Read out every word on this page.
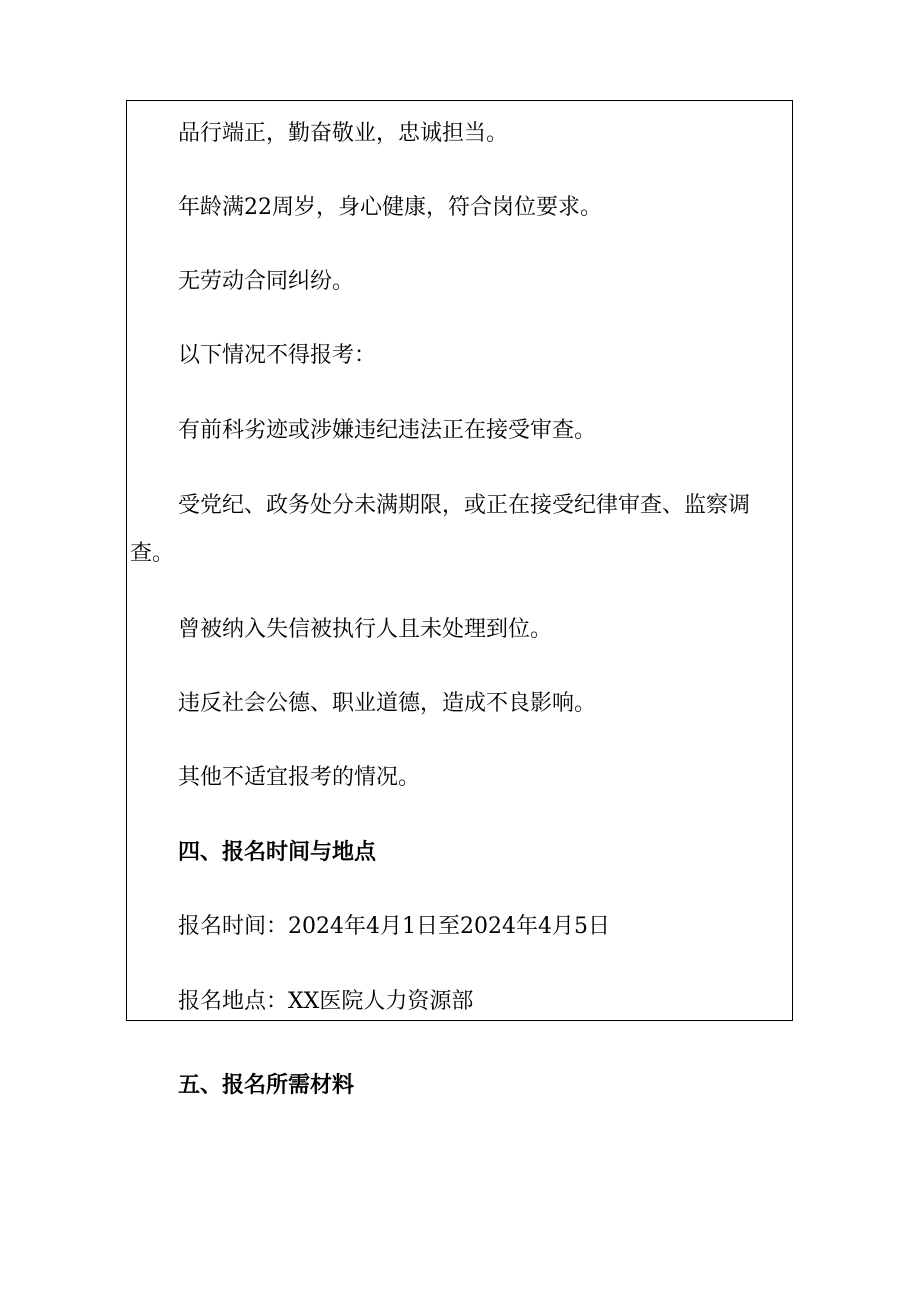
品行端正，勤奋敬业，忠诚担当。

年龄满22周岁，身心健康，符合岗位要求。

无劳动合同纠纷。

以下情况不得报考：

有前科劣迹或涉嫌违纪违法正在接受审查。

受党纪、政务处分未满期限，或正在接受纪律审查、监察调查。

曾被纳入失信被执行人且未处理到位。

违反社会公德、职业道德，造成不良影响。

其他不适宜报考的情况。

四、报名时间与地点

报名时间：2024年4月1日至2024年4月5日

报名地点：XX医院人力资源部

五、报名所需材料
